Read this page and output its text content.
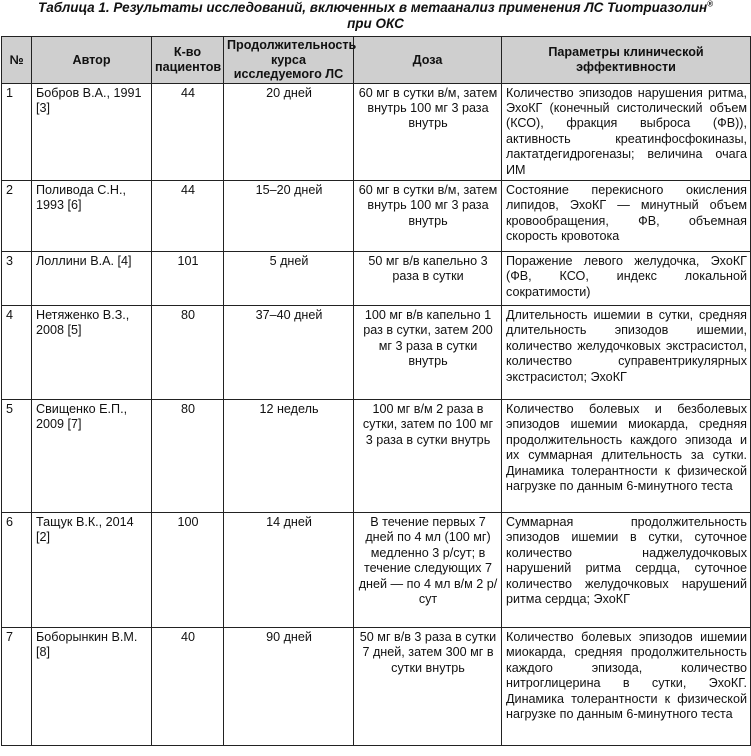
Таблица 1. Результаты исследований, включенных в метаанализ применения ЛС Тиотриазолин®
при ОКС
№	Автор	К-во пациентов	Продолжительность курса исследуемого ЛС	Доза	Параметры клинической эффективности
1	Бобров В.А., 1991 [3]	44	20 дней	60 мг в сутки в/м, затем внутрь 100 мг 3 раза внутрь	Количество эпизодов нарушения ритма, ЭхоКГ (конечный систолический объем (КСО), фракция выброса (ФВ)), активность креатинфосфокиназы, лактатдегидрогеназы; величина очага ИМ
2	Поливода С.Н., 1993 [6]	44	15–20 дней	60 мг в сутки в/м, затем внутрь 100 мг 3 раза внутрь	Состояние перекисного окисления липидов, ЭхоКГ — минутный объем кровообращения, ФВ, объемная скорость кровотока
3	Лоллини В.А. [4]	101	5 дней	50 мг в/в капельно 3 раза в сутки	Поражение левого желудочка, ЭхоКГ (ФВ, КСО, индекс локальной сократимости)
4	Нетяженко В.З., 2008 [5]	80	37–40 дней	100 мг в/в капельно 1 раз в сутки, затем 200 мг 3 раза в сутки внутрь	Длительность ишемии в сутки, средняя длительность эпизодов ишемии, количество желудочковых экстрасистол, количество суправентрикулярных экстрасистол; ЭхоКГ
5	Свищенко Е.П., 2009 [7]	80	12 недель	100 мг в/м 2 раза в сутки, затем по 100 мг 3 раза в сутки внутрь	Количество болевых и безболевых эпизодов ишемии миокарда, средняя продолжительность каждого эпизода и их суммарная длительность за сутки. Динамика толерантности к физической нагрузке по данным 6-минутного теста
6	Тащук В.К., 2014 [2]	100	14 дней	В течение первых 7 дней по 4 мл (100 мг) медленно 3 р/сут; в течение следующих 7 дней — по 4 мл в/м 2 р/сут	Суммарная продолжительность эпизодов ишемии в сутки, суточное количество наджелудочковых нарушений ритма сердца, суточное количество желудочковых нарушений ритма сердца; ЭхоКГ
7	Боборынкин В.М. [8]	40	90 дней	50 мг в/в 3 раза в сутки 7 дней, затем 300 мг в сутки внутрь	Количество болевых эпизодов ишемии миокарда, средняя продолжительность каждого эпизода, количество нитроглицерина в сутки, ЭхоКГ. Динамика толерантности к физической нагрузке по данным 6-минутного теста
